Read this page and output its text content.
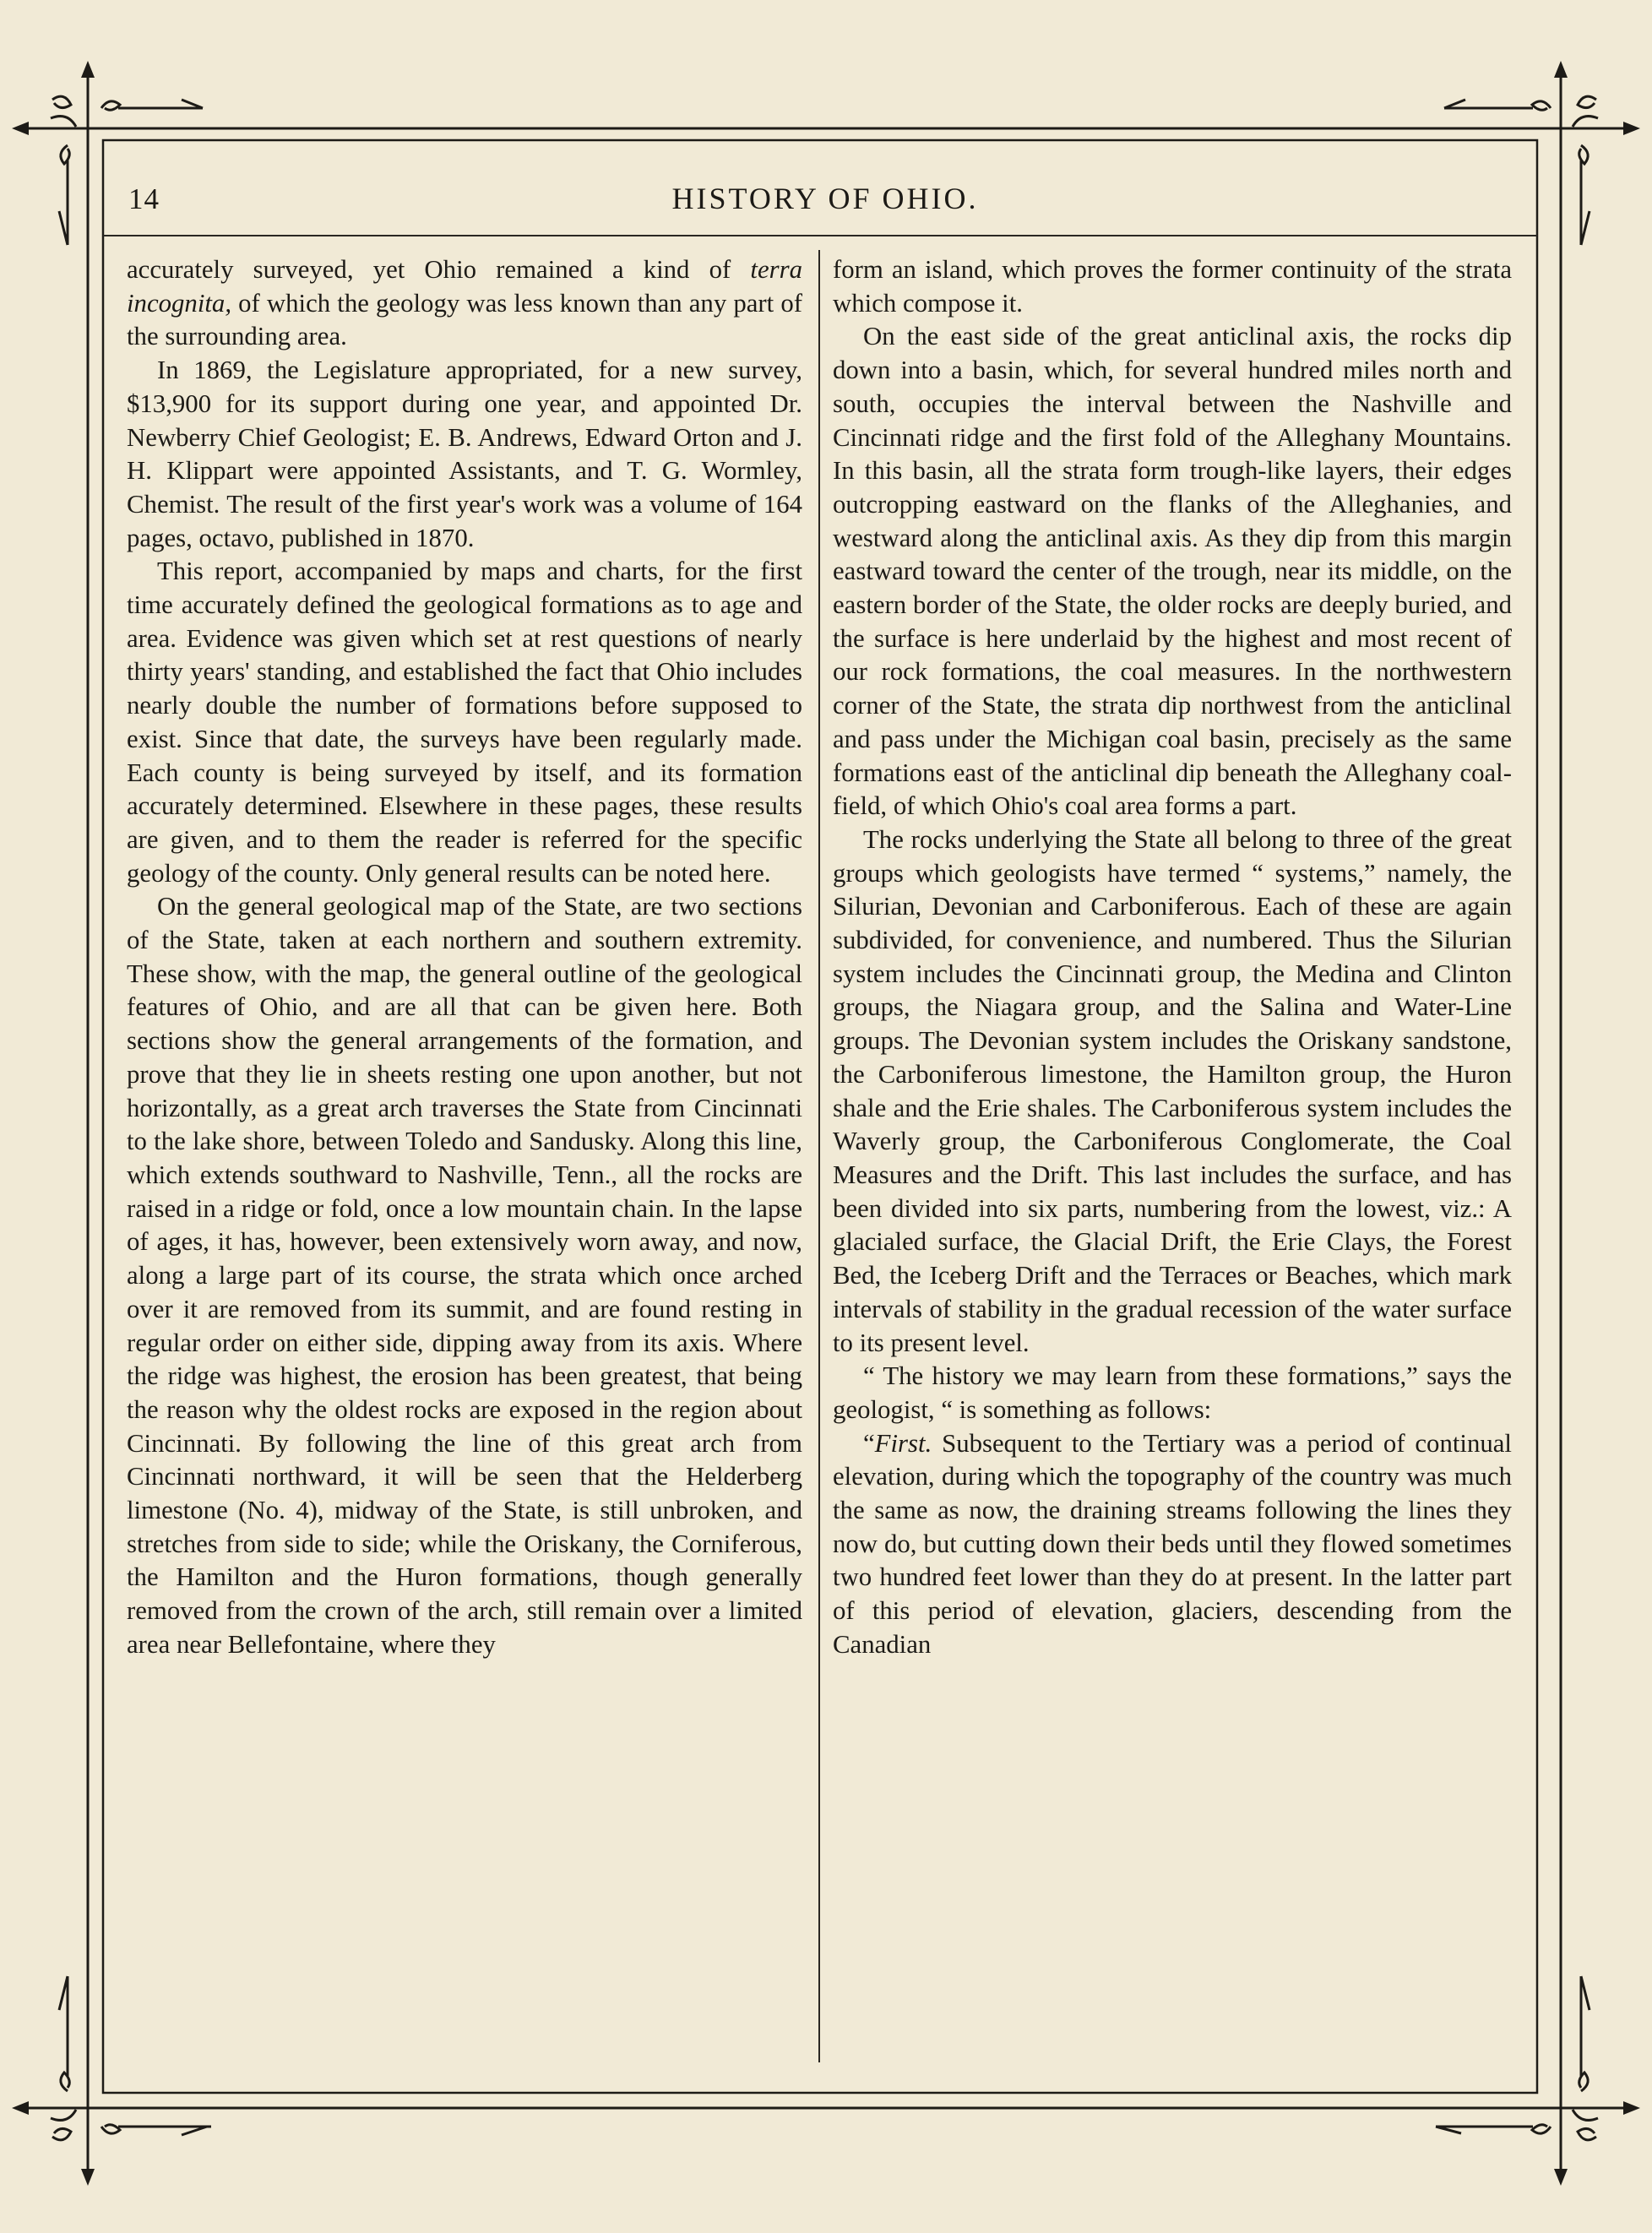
14	HISTORY OF OHIO.

accurately surveyed, yet Ohio remained a kind of terra incognita, of which the geology was less known than any part of the surrounding area.

In 1869, the Legislature appropriated, for a new survey, $13,900 for its support during one year, and appointed Dr. Newberry Chief Geologist; E. B. Andrews, Edward Orton and J. H. Klippart were appointed Assistants, and T. G. Wormley, Chemist. The result of the first year's work was a volume of 164 pages, octavo, published in 1870.

This report, accompanied by maps and charts, for the first time accurately defined the geological formations as to age and area. Evidence was given which set at rest questions of nearly thirty years' standing, and established the fact that Ohio includes nearly double the number of formations before supposed to exist. Since that date, the surveys have been regularly made. Each county is being surveyed by itself, and its formation accurately determined. Elsewhere in these pages, these results are given, and to them the reader is referred for the specific geology of the county. Only general results can be noted here.

On the general geological map of the State, are two sections of the State, taken at each northern and southern extremity. These show, with the map, the general outline of the geological features of Ohio, and are all that can be given here. Both sections show the general arrangements of the formation, and prove that they lie in sheets resting one upon another, but not horizontally, as a great arch traverses the State from Cincinnati to the lake shore, between Toledo and Sandusky. Along this line, which extends southward to Nashville, Tenn., all the rocks are raised in a ridge or fold, once a low mountain chain. In the lapse of ages, it has, however, been extensively worn away, and now, along a large part of its course, the strata which once arched over it are removed from its summit, and are found resting in regular order on either side, dipping away from its axis. Where the ridge was highest, the erosion has been greatest, that being the reason why the oldest rocks are exposed in the region about Cincinnati. By following the line of this great arch from Cincinnati northward, it will be seen that the Helderberg limestone (No. 4), midway of the State, is still unbroken, and stretches from side to side; while the Oriskany, the Corniferous, the Hamilton and the Huron formations, though generally removed from the crown of the arch, still remain over a limited area near Bellefontaine, where they

form an island, which proves the former continuity of the strata which compose it.

On the east side of the great anticlinal axis, the rocks dip down into a basin, which, for several hundred miles north and south, occupies the interval between the Nashville and Cincinnati ridge and the first fold of the Alleghany Mountains. In this basin, all the strata form trough-like layers, their edges outcropping eastward on the flanks of the Alleghanies, and westward along the anticlinal axis. As they dip from this margin eastward toward the center of the trough, near its middle, on the eastern border of the State, the older rocks are deeply buried, and the surface is here underlaid by the highest and most recent of our rock formations, the coal measures. In the northwestern corner of the State, the strata dip northwest from the anticlinal and pass under the Michigan coal basin, precisely as the same formations east of the anticlinal dip beneath the Alleghany coal-field, of which Ohio's coal area forms a part.

The rocks underlying the State all belong to three of the great groups which geologists have termed “ systems,” namely, the Silurian, Devonian and Carboniferous. Each of these are again subdivided, for convenience, and numbered. Thus the Silurian system includes the Cincinnati group, the Medina and Clinton groups, the Niagara group, and the Salina and Water-Line groups. The Devonian system includes the Oriskany sandstone, the Carboniferous limestone, the Hamilton group, the Huron shale and the Erie shales. The Carboniferous system includes the Waverly group, the Carboniferous Conglomerate, the Coal Measures and the Drift. This last includes the surface, and has been divided into six parts, numbering from the lowest, viz.: A glacialed surface, the Glacial Drift, the Erie Clays, the Forest Bed, the Iceberg Drift and the Terraces or Beaches, which mark intervals of stability in the gradual recession of the water surface to its present level.

“ The history we may learn from these formations,” says the geologist, “ is something as follows:

“First. Subsequent to the Tertiary was a period of continual elevation, during which the topography of the country was much the same as now, the draining streams following the lines they now do, but cutting down their beds until they flowed sometimes two hundred feet lower than they do at present. In the latter part of this period of elevation, glaciers, descending from the Canadian
